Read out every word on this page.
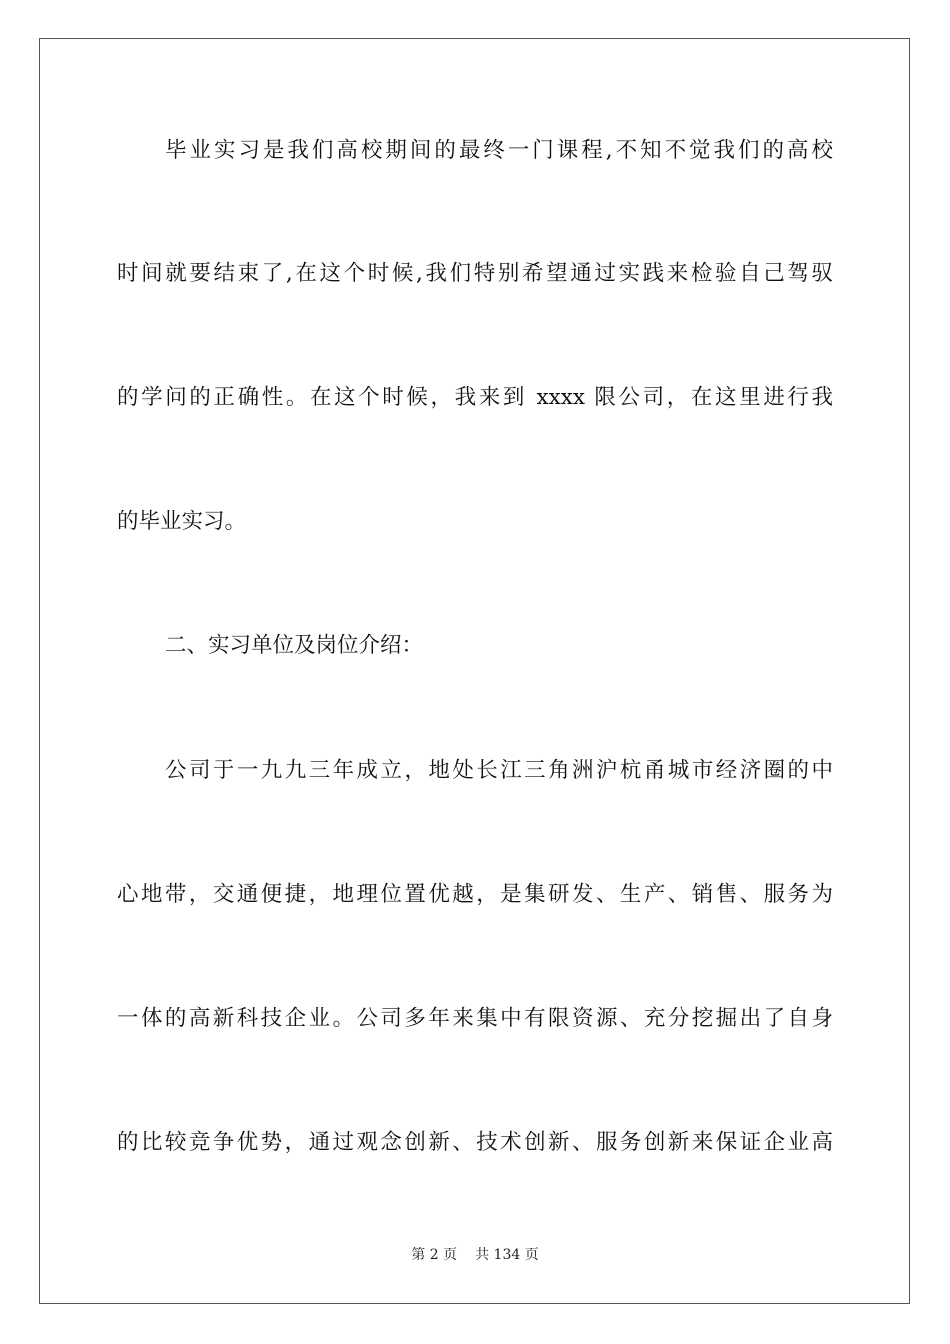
毕业实习是我们高校期间的最终一门课程,不知不觉我们的高校
时间就要结束了,在这个时候,我们特别希望通过实践来检验自己驾驭
的学问的正确性。在这个时候，我来到 xxxx 限公司，在这里进行我
的毕业实习。
二、实习单位及岗位介绍：
公司于一九九三年成立，地处长江三角洲沪杭甬城市经济圈的中
心地带，交通便捷，地理位置优越，是集研发、生产、销售、服务为
一体的高新科技企业。公司多年来集中有限资源、充分挖掘出了自身
的比较竞争优势，通过观念创新、技术创新、服务创新来保证企业高
第 2 页 共 134 页
